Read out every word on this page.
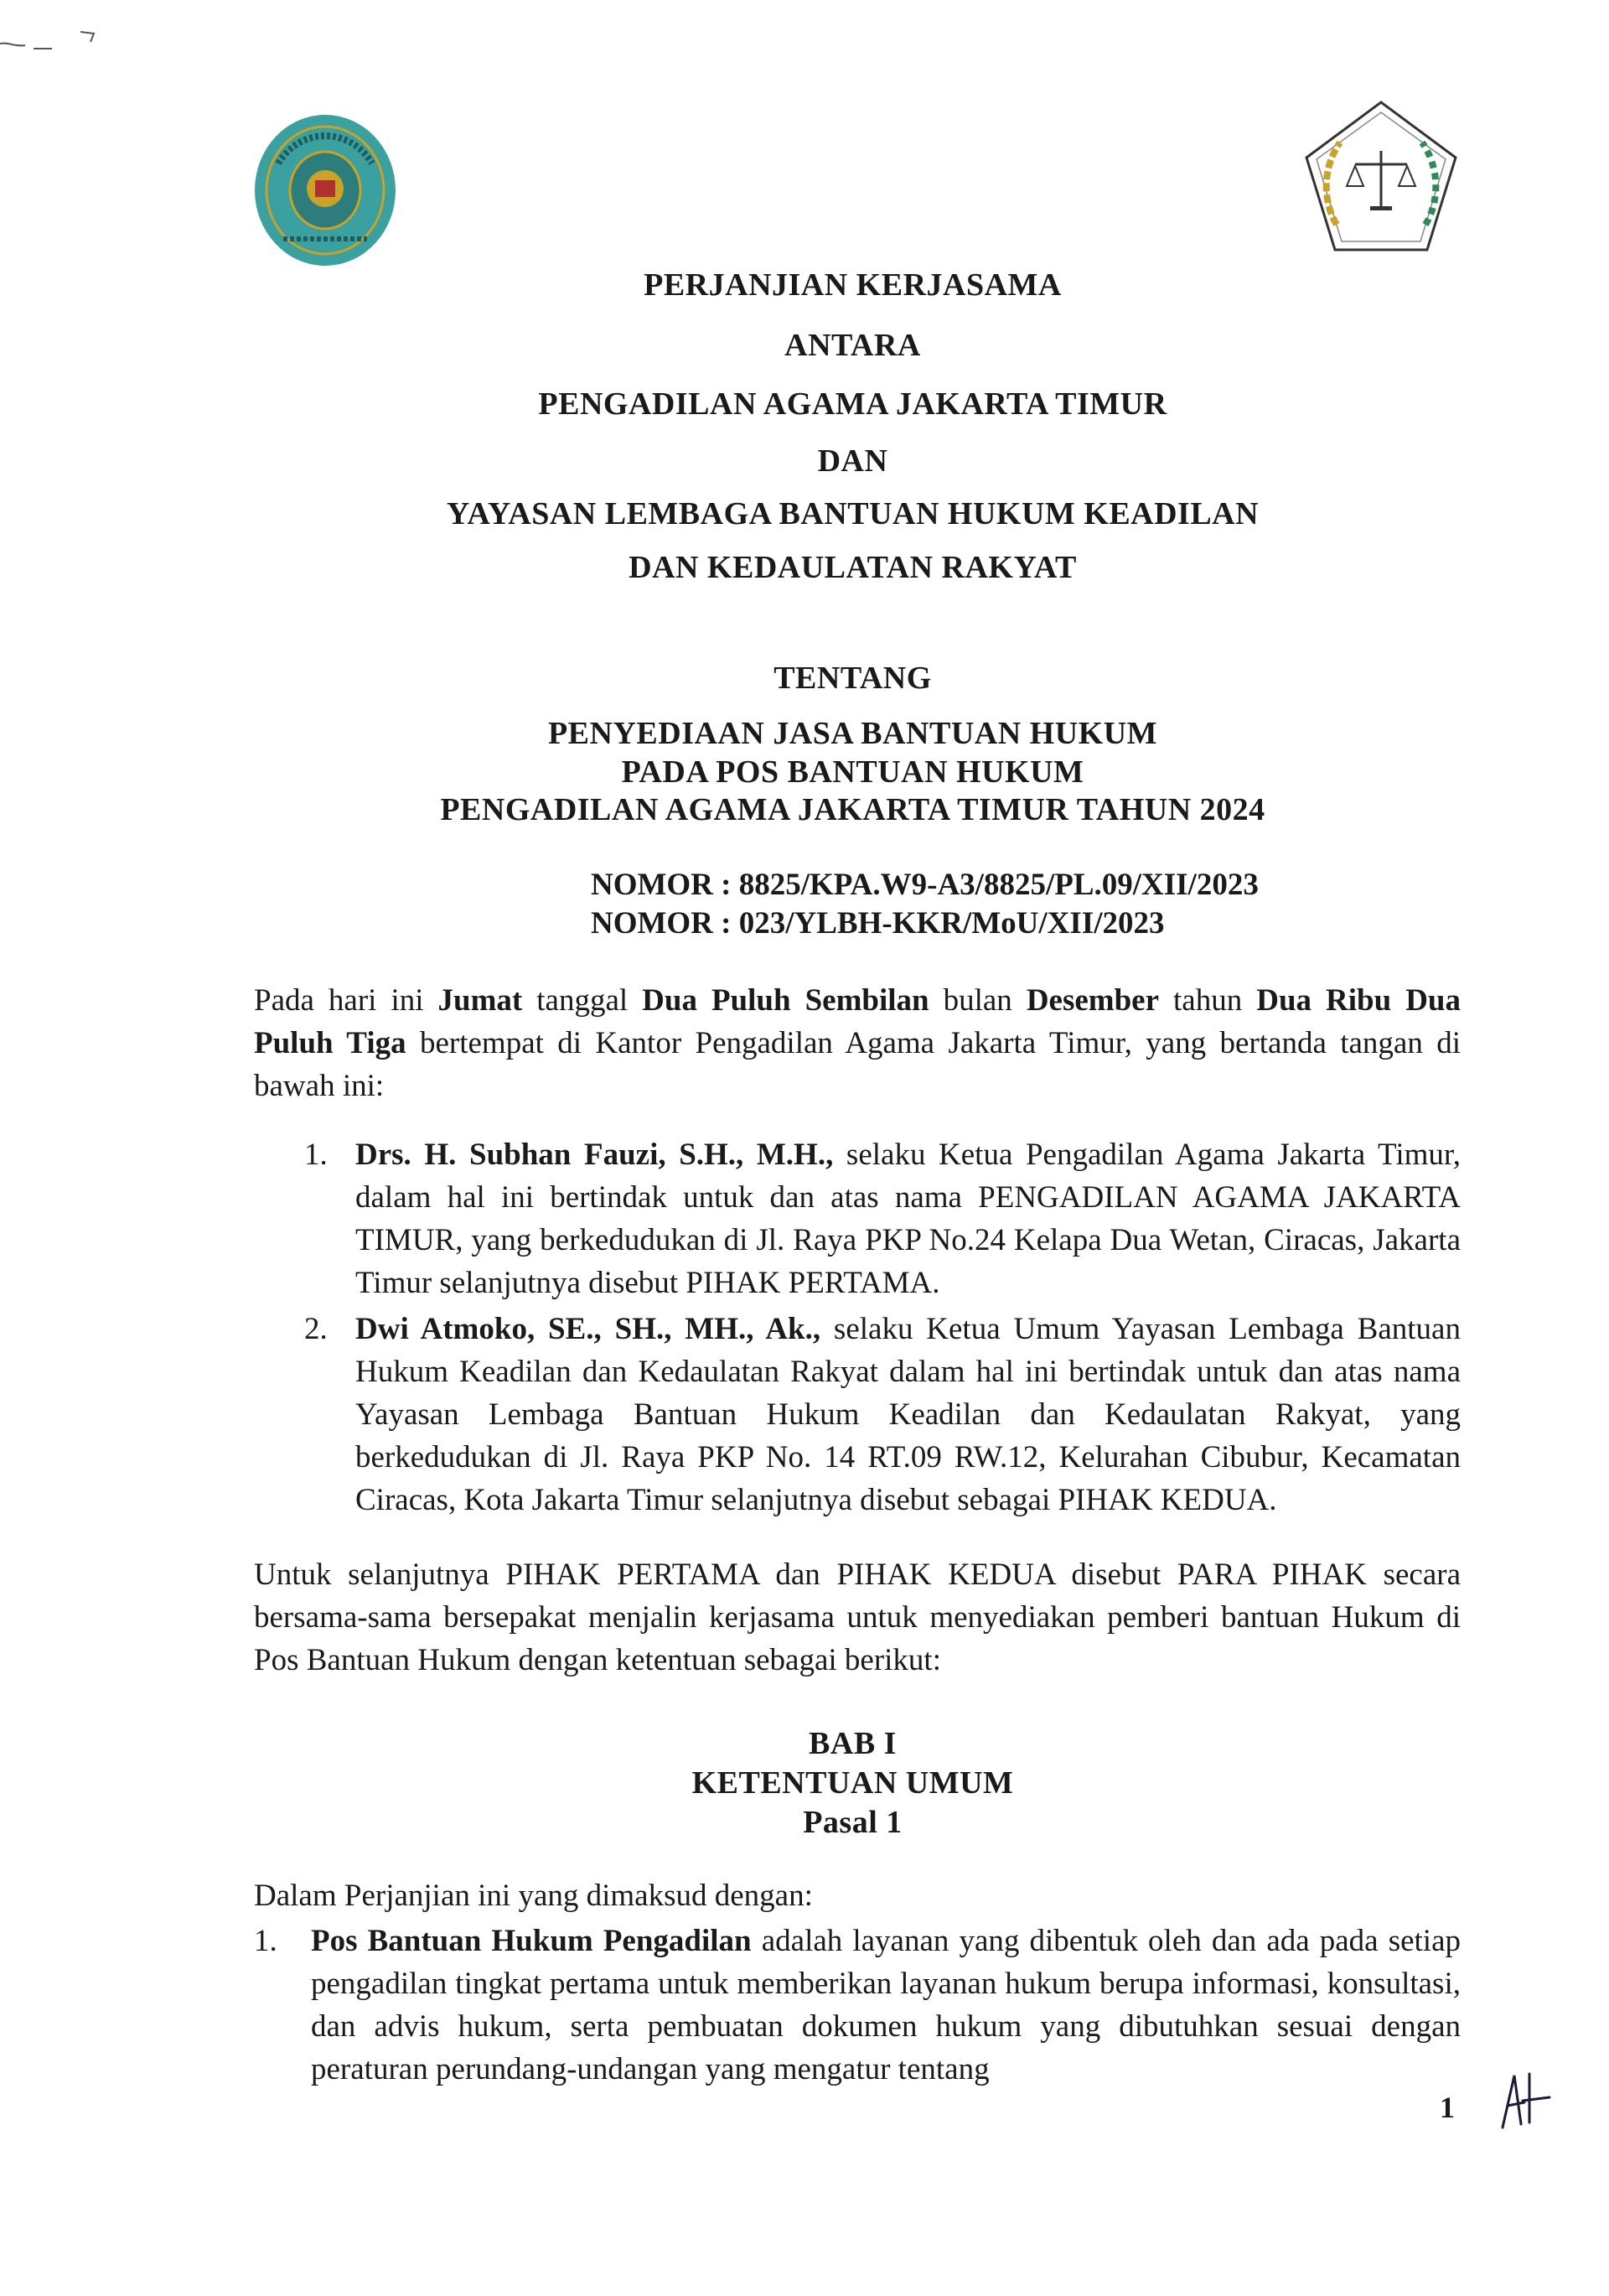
PERJANJIAN KERJASAMA
ANTARA
PENGADILAN AGAMA JAKARTA TIMUR
DAN
YAYASAN LEMBAGA BANTUAN HUKUM KEADILAN
DAN KEDAULATAN RAKYAT
TENTANG
PENYEDIAAN JASA BANTUAN HUKUM
PADA POS BANTUAN HUKUM
PENGADILAN AGAMA JAKARTA TIMUR TAHUN 2024
NOMOR : 8825/KPA.W9-A3/8825/PL.09/XII/2023
NOMOR : 023/YLBH-KKR/MoU/XII/2023
Pada hari ini Jumat tanggal Dua Puluh Sembilan bulan Desember tahun Dua Ribu Dua Puluh Tiga bertempat di Kantor Pengadilan Agama Jakarta Timur, yang bertanda tangan di bawah ini:
1. Drs. H. Subhan Fauzi, S.H., M.H., selaku Ketua Pengadilan Agama Jakarta Timur, dalam hal ini bertindak untuk dan atas nama PENGADILAN AGAMA JAKARTA TIMUR, yang berkedudukan di Jl. Raya PKP No.24 Kelapa Dua Wetan, Ciracas, Jakarta Timur selanjutnya disebut PIHAK PERTAMA.
2. Dwi Atmoko, SE., SH., MH., Ak., selaku Ketua Umum Yayasan Lembaga Bantuan Hukum Keadilan dan Kedaulatan Rakyat dalam hal ini bertindak untuk dan atas nama Yayasan Lembaga Bantuan Hukum Keadilan dan Kedaulatan Rakyat, yang berkedudukan di Jl. Raya PKP No. 14 RT.09 RW.12, Kelurahan Cibubur, Kecamatan Ciracas, Kota Jakarta Timur selanjutnya disebut sebagai PIHAK KEDUA.
Untuk selanjutnya PIHAK PERTAMA dan PIHAK KEDUA disebut PARA PIHAK secara bersama-sama bersepakat menjalin kerjasama untuk menyediakan pemberi bantuan Hukum di Pos Bantuan Hukum dengan ketentuan sebagai berikut:
BAB I
KETENTUAN UMUM
Pasal 1
Dalam Perjanjian ini yang dimaksud dengan:
1. Pos Bantuan Hukum Pengadilan adalah layanan yang dibentuk oleh dan ada pada setiap pengadilan tingkat pertama untuk memberikan layanan hukum berupa informasi, konsultasi, dan advis hukum, serta pembuatan dokumen hukum yang dibutuhkan sesuai dengan peraturan perundang-undangan yang mengatur tentang
1
